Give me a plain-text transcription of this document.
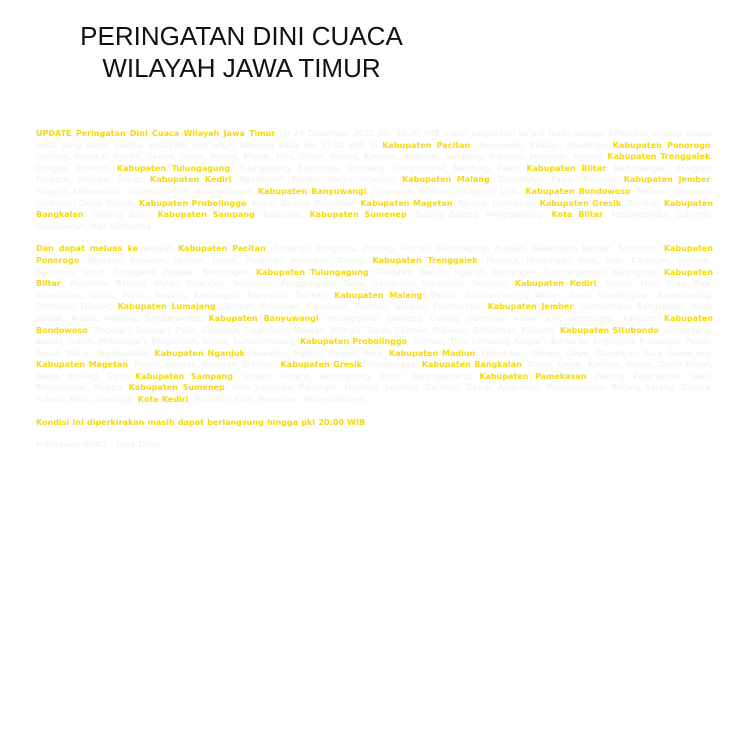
PERINGATAN DINI CUACA
WILAYAH JAWA TIMUR

UPDATE Peringatan Dini Cuaca Wilayah Jawa Timur tgl 24 Desember 2022 pkl. 16:30 WIB masih berpotensi terjadi hujan dengan intensitas sedang hingga lebat yang dapat disertai kilat/petir dan angin kencang pada pkl 17:00 WIB di Kabupaten Pacitan: Tegalombo, Tulakan, Ngadirojo; Kabupaten Ponorogo: Slahung, Bungkal, Sambit, Sawoo, Sooko, Pulung, Mlarak, Jetis, Siman, Balong, Kauman, Badegan, Sampung, Sukorejo, Jenangan, Ngebel; Kabupaten Trenggalek: Dongko, Durenan, Kabupaten Tulungagung: Tulungagung, Boyolangu, Gondang, Campurdarat, Bandung, Pakel; Kabupaten Blitar: Kademangan, Kanigoro, Ponggok, Srengat, Wlingi; Kabupaten Kediri: Ngadiluwih, Kandat, Wates, Ngancar; Kabupaten Malang: Donomulyo, Pagak, Kalipare, Kabupaten Jember: Tanggul, Ledokombo, Sukowono, Silo, Sumberjambe; Kabupaten Banyuwangi: Glenmore, Kalibaru, Songgon, Licin; Kabupaten Bondowoso: Pakisan, Tamanan, Jambesari Darus Sholah; Kabupaten Probolinggo: Krucil, Gading, Pakuniran; Kabupaten Magetan: Parang, Lembeyan; Kabupaten Gresik: Tambak; Kabupaten Bangkalan: Tanjung Bumi; Kabupaten Sampang: Ketapang; Kabupaten Sumenep: Batang Batang, Manggaanang; Kota Blitar: Kepanjenkidul, Sukorejo, Sananwetan, dan sekitarnya.

Dan dapat meluas ke wilayah Kabupaten Pacitan: Donorojo, Pringkuku, Punung, Pacitan, Kebonagung, Arjosari, Nawangan, Bandar, Sudimoro; Kabupaten Ponorogo: Ngrayun, Babadan, Jambon, Pudak, Ponorogo, Jenangan, Balong; Kabupaten Trenggalek: Panggul, Munjungan, Pule, Tugu, Karangan, Kampak, Watulimo, Suruh, Trenggalek, Pogalan, Bendungan; Kabupaten Tulungagung: Kalidawir, Besuki, Ngunut, Rejotangan, Sumbergempol, Karangrejo; Kabupaten Blitar: Wonotirto, Bakung, Wates, Binangun, Sutojayan, Panggungrejo, Talun, Gandusari, Kesamben, Selopuro; Kabupaten Kediri: Semen, Mojo, Kras, Pare, Plosoklaten, Gurah, Puncu, Kepung, Kandangan, Banyakan, Tarokan; Kabupaten Malang: Bantur, Sumbermanjing Wetan, Turen, Gondanglegi, Ampelgading, Tirtoyudo, Dampit; Kabupaten Lumajang: Tempeh, Pronojiwo, Candipuro, Pasirian, Senduro, Pasrujambe; Kabupaten Jember: Sumberbaru, Bangsalsari, Panti, Kalisat, Arjasa, Mayang, Sumberjambe; Kabupaten Banyuwangi: Pesanggaran, Genteng, Cluring, Gambiran, Kabat, Giri, Wongsorejo, Kalipuro; Kabupaten Bondowoso: Tlogosari, Sukosari, Pujer, Grujugan, Curahdami, Maesan, Wringin, Tapen, Cermee, Prajekan, Botolinggo, Klabang; Kabupaten Situbondo: Jatibanteng, Besuki, Suboh, Mlandingan, Banyuputih, Arjasa, Sumbermalang; Kabupaten Probolinggo: Sumber, Tiris, Lumbang, Kuripan, Bantaran, Krejengan, Kotaanyar, Paiton, Besuk, Maron, Tegalsiwalan; Kabupaten Nganjuk: Sawahan, Ngetos, Loceret, Pace; Kabupaten Madiun: Kebon Sari, Dolopo, Geger, Dagangan, Kare, Gemarang; Kabupaten Magetan: Poncol, Plaosan, Panekan, Sidorejo; Kabupaten Gresik: Sangkapura; Kabupaten Bangkalan: Kokop, Geger, Klampis, Sepulu, Tanah Merah, Blega, Konang, Galis; Kabupaten Sampang: Omben, Robatal, Kedungdung, Torjun, Karangpenang; Kabupaten Pamekasan: Pakong, Pegantenan, Waru, Batumarmar, Proppo; Kabupaten Sumenep: Kota Sumenep, Kalianget, Manding, Lenteng, Ganding, Dasuk, Ambunten, Pasongsongan, Batang Batang, Gapura, Rubaru, Bluto, Saronggi; Kota Kediri: Mojoroto, Kota, Pesantren, dan sekitarnya.

Kondisi ini diperkirakan masih dapat berlangsung hingga pkl 20:00 WIB

Prakirawan BMKG - Jawa Timur
